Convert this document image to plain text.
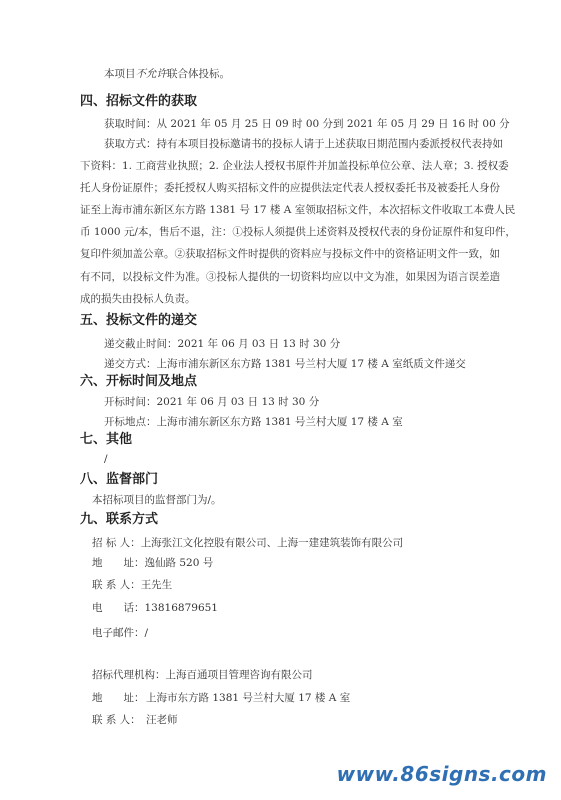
本项目不允许联合体投标。
四、招标文件的获取
获取时间：从 2021 年 05 月 25 日 09 时 00 分到 2021 年 05 月 29 日 16 时 00 分
获取方式：持有本项目投标邀请书的投标人请于上述获取日期范围内委派授权代表持如
下资料：1. 工商营业执照；2. 企业法人授权书原件并加盖投标单位公章、法人章；3. 授权委
托人身份证原件；委托授权人购买招标文件的应提供法定代表人授权委托书及被委托人身份
证至上海市浦东新区东方路 1381 号 17 楼 A 室领取招标文件，本次招标文件收取工本费人民
币 1000 元/本，售后不退，注：①投标人须提供上述资料及授权代表的身份证原件和复印件，
复印件须加盖公章。②获取招标文件时提供的资料应与投标文件中的资格证明文件一致，如
有不同，以投标文件为准。③投标人提供的一切资料均应以中文为准，如果因为语言误差造
成的损失由投标人负责。
五、投标文件的递交
递交截止时间：2021 年 06 月 03 日 13 时 30 分
递交方式：上海市浦东新区东方路 1381 号兰村大厦 17 楼 A 室纸质文件递交
六、开标时间及地点
开标时间：2021 年 06 月 03 日 13 时 30 分
开标地点：上海市浦东新区东方路 1381 号兰村大厦 17 楼 A 室
七、其他
/
八、监督部门
本招标项目的监督部门为/。
九、联系方式
招 标 人：上海张江文化控股有限公司、上海一建建筑装饰有限公司
地　　址：逸仙路 520 号
联 系 人：王先生
电　　话：13816879651
电子邮件：/
招标代理机构：上海百通项目管理咨询有限公司
地　　址： 上海市东方路 1381 号兰村大厦 17 楼 A 室
联 系 人： 汪老师
www.86signs.com
